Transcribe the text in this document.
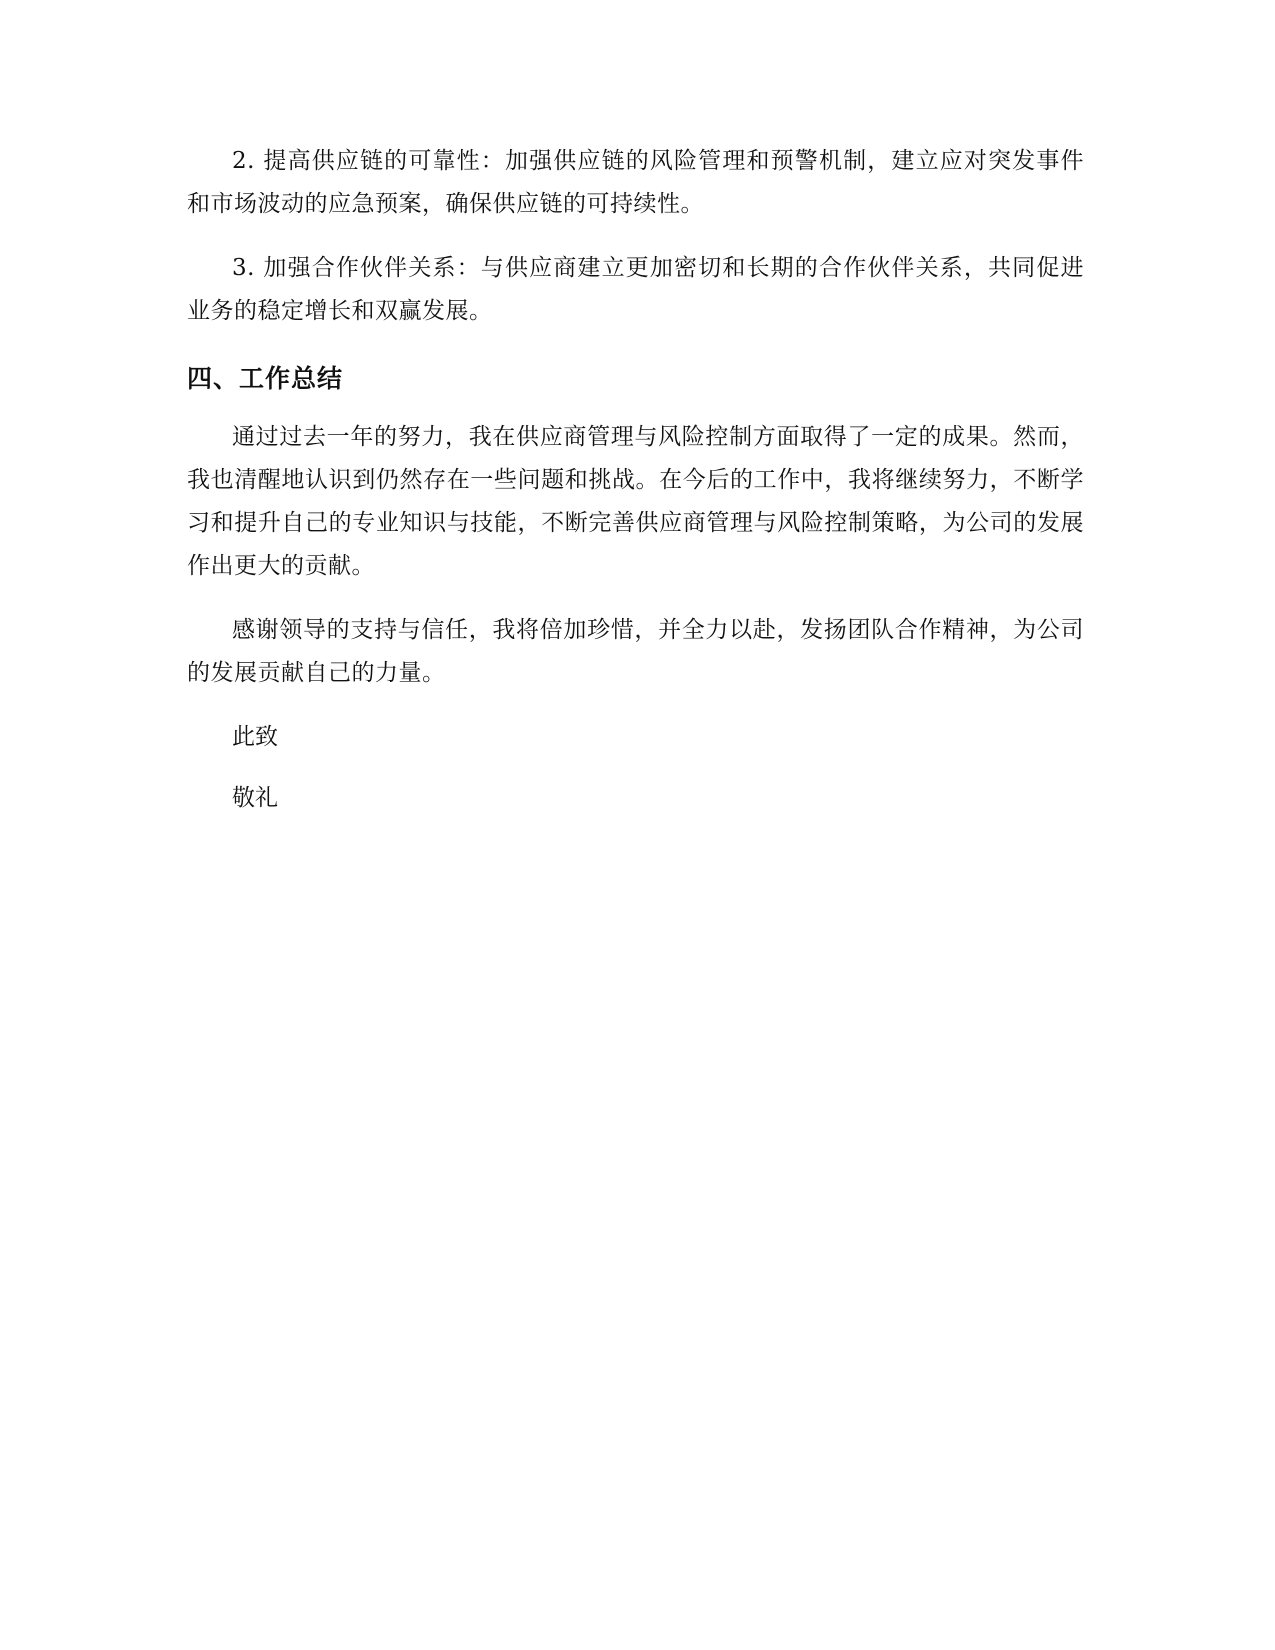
2. 提高供应链的可靠性：加强供应链的风险管理和预警机制，建立应对突发事件和市场波动的应急预案，确保供应链的可持续性。

3. 加强合作伙伴关系：与供应商建立更加密切和长期的合作伙伴关系，共同促进业务的稳定增长和双赢发展。

四、工作总结

通过过去一年的努力，我在供应商管理与风险控制方面取得了一定的成果。然而，我也清醒地认识到仍然存在一些问题和挑战。在今后的工作中，我将继续努力，不断学习和提升自己的专业知识与技能，不断完善供应商管理与风险控制策略，为公司的发展作出更大的贡献。

感谢领导的支持与信任，我将倍加珍惜，并全力以赴，发扬团队合作精神，为公司的发展贡献自己的力量。

此致

敬礼
